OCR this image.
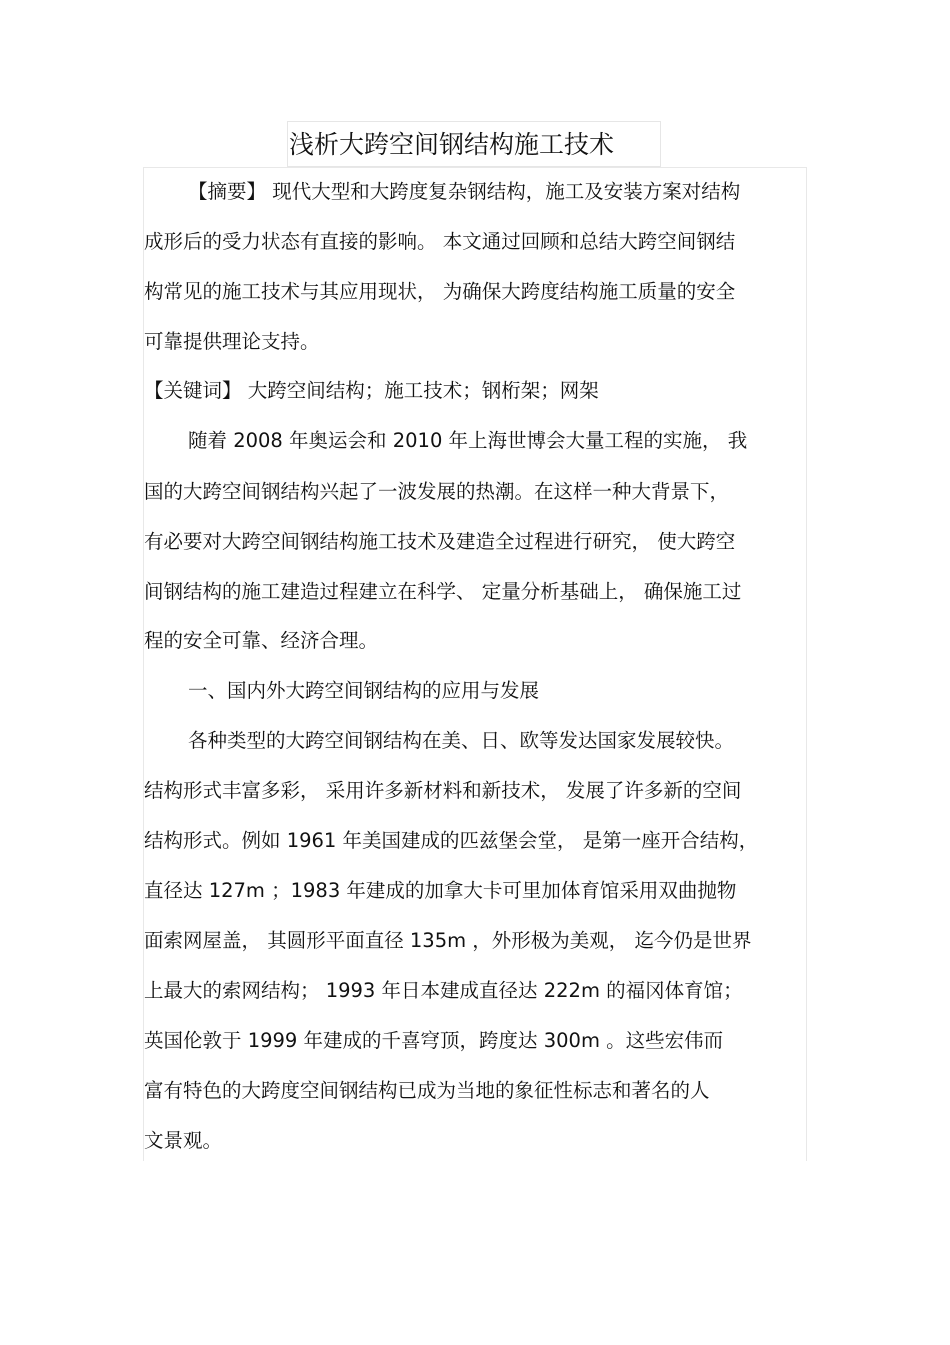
浅析大跨空间钢结构施工技术
【摘要】 现代大型和大跨度复杂钢结构，施工及安装方案对结构
成形后的受力状态有直接的影响。 本文通过回顾和总结大跨空间钢结
构常见的施工技术与其应用现状， 为确保大跨度结构施工质量的安全
可靠提供理论支持。
【关键词】 大跨空间结构；施工技术；钢桁架；网架
随着 2008 年奥运会和 2010 年上海世博会大量工程的实施， 我
国的大跨空间钢结构兴起了一波发展的热潮。在这样一种大背景下，
有必要对大跨空间钢结构施工技术及建造全过程进行研究， 使大跨空
间钢结构的施工建造过程建立在科学、 定量分析基础上， 确保施工过
程的安全可靠、经济合理。
一、国内外大跨空间钢结构的应用与发展
各种类型的大跨空间钢结构在美、日、欧等发达国家发展较快。
结构形式丰富多彩， 采用许多新材料和新技术， 发展了许多新的空间
结构形式。例如 1961 年美国建成的匹兹堡会堂， 是第一座开合结构，
直径达 127m ；1983 年建成的加拿大卡可里加体育馆采用双曲抛物
面索网屋盖， 其圆形平面直径 135m ，外形极为美观， 迄今仍是世界
上最大的索网结构； 1993 年日本建成直径达 222m 的福冈体育馆；
英国伦敦于 1999 年建成的千喜穹顶，跨度达 300m 。这些宏伟而
富有特色的大跨度空间钢结构已成为当地的象征性标志和著名的人
文景观。
